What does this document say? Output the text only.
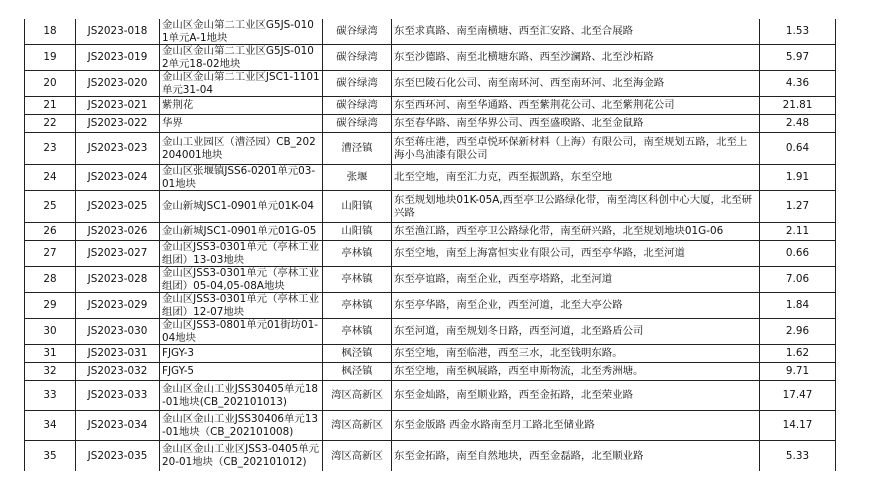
18	JS2023-018	金山区金山第二工业区G5JS-0101单元A-1地块	碳谷绿湾	东至求真路、南至南横塘、西至汇安路、北至合展路	1.53
19	JS2023-019	金山区金山第二工业区G5JS-0102单元18-02地块	碳谷绿湾	东至沙德路、南至北横塘东路、西至沙澜路、北至沙柘路	5.97
20	JS2023-020	金山区金山第二工业区JSC1-1101单元31-04	碳谷绿湾	东至巴陵石化公司、南至南环河、西至南环河、北至海金路	4.36
21	JS2023-021	紫荆花	碳谷绿湾	东至西环河、南至华通路、西至紫荆花公司、北至紫荆花公司	21.81
22	JS2023-022	华界	碳谷绿湾	东至春华路、南至华界公司、西至盛暌路、北至金鼠路	2.48
23	JS2023-023	金山工业园区（漕泾园）CB_202204001地块	漕泾镇	东至蒋庄港，西至卓悦环保新材料（上海）有限公司，南至规划五路，北至上海小鸟油漆有限公司	0.64
24	JS2023-024	金山区张堰镇JSS6-0201单元03-01地块	张堰	北至空地，南至汇力克，西至振凯路，东至空地	1.91
25	JS2023-025	金山新城JSC1-0901单元01K-04	山阳镇	东至规划地块01K-05A,西至亭卫公路绿化带，南至湾区科创中心大厦，北至研兴路	1.27
26	JS2023-026	金山新城JSC1-0901单元01G-05	山阳镇	东至渔江路，西至亭卫公路绿化带，南至研兴路，北至规划地块01G-06	2.11
27	JS2023-027	金山区JSS3-0301单元（亭林工业组团）13-03地块	亭林镇	东至空地，南至上海富恒实业有限公司，西至亭华路，北至河道	0.66
28	JS2023-028	金山区JSS3-0301单元（亭林工业组团）05-04,05-08A地块	亭林镇	东至亭谊路，南至企业，西至亭塔路，北至河道	7.06
29	JS2023-029	金山区JSS3-0301单元（亭林工业组团）12-07地块	亭林镇	东至亭华路，南至企业，西至河道，北至大亭公路	1.84
30	JS2023-030	金山区JSS3-0801单元01街坊01-04地块	亭林镇	东至河道，南至规划冬日路，西至河道，北至路盾公司	2.96
31	JS2023-031	FJGY-3	枫泾镇	东至空地，南至临港，西至三水，北至钱明东路。	1.62
32	JS2023-032	FJGY-5	枫泾镇	东至空地，南至枫展路，西至申斯物流，北至秀洲塘。	9.71
33	JS2023-033	金山区金山工业JSS30405单元18-01地块(CB_202101013)	湾区高新区	东至金灿路，南至顺业路，西至金拓路，北至荣业路	17.47
34	JS2023-034	金山区金山工业JSS30406单元13-01地块（CB_202101008)	湾区高新区	东至金版路 西金水路南至月工路北至储业路	14.17
35	JS2023-035	金山区金山工业区JSS3-0405单元20-01地块（CB_202101012)	湾区高新区	东至金拓路，南至自然地块，西至金磊路，北至顺业路	5.33
